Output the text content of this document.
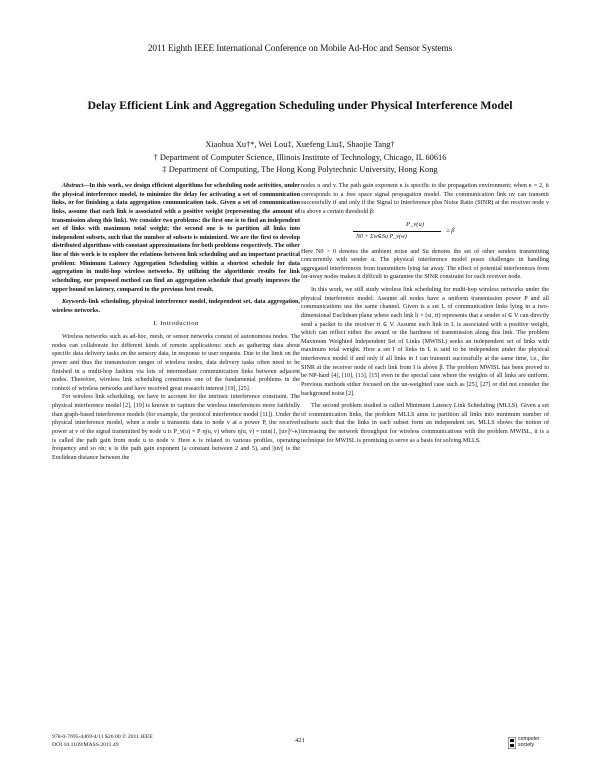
2011 Eighth IEEE International Conference on Mobile Ad-Hoc and Sensor Systems
Delay Efficient Link and Aggregation Scheduling under Physical Interference Model
Xiaohua Xu†*, Wei Lou‡, Xuefeng Liu‡, Shaojie Tang†
† Department of Computer Science, Illinois Institute of Technology, Chicago, IL 60616
‡ Department of Computing, The Hong Kong Polytechnic University, Hong Kong

Abstract—In this work, we design efficient algorithms for scheduling node activities, under the physical interference model, to minimize the delay for activating a set of communication links, or for finishing a data aggregation communication task. Given a set of communication links, assume that each link is associated with a positive weight (representing the amount of transmission along this link). We consider two problems: the first one is to find an independent set of links with maximum total weight; the second one is to partition all links into independent subsets, such that the number of subsets is minimized. We are the first to develop distributed algorithms with constant approximations for both problems respectively. The other line of this work is to explore the relations between link scheduling and an important practical problem: Minimum Latency Aggregation Scheduling within a shortest schedule for data aggregation in multi-hop wireless networks. By utilizing the algorithmic results for link scheduling, our proposed method can find an aggregation schedule that greatly improves the upper bound on latency, compared to the previous best result.

Keywords-link scheduling, physical interference model, independent set, data aggregation, wireless networks.

I. Introduction

Wireless networks such as ad-hoc, mesh, or sensor networks consist of autonomous nodes. The nodes can collaborate for different kinds of remote applications: such as gathering data about specific data delivery tasks on the sensory data, in response to user requests. Due to the limit on the power and thus the transmission ranges of wireless nodes, data delivery tasks often need to be finished in a multi-hop fashion via lots of intermediate communication links between adjacent nodes. Therefore, wireless link scheduling constitutes one of the fundamental problems in the context of wireless networks and have received great research interest [19], [25].

For wireless link scheduling, we have to account for the intrinsic interference constraint. The physical interference model [2], [19] is known to capture the wireless interferences more faithfully than graph-based interference models (for example, the protocol interference model [11]). Under the physical interference model, when a node u transmits data to node v at a power P, the received power at v of the signal transmitted by node u is P_v(u) = P·η(u, v) where η(u, v) = min(1, ||uv||^-κ) is called the path gain from node u to node v. Here κ is related to various profiles, operating frequency and so on; κ is the path gain exponent (a constant between 2 and 5), and ||uv|| is the Euclidean distance between the

nodes u and v. The path gain exponent κ is specific to the propagation environment; when κ = 2, it corresponds to a free space signal propagation model. The communication link uv can transmit successfully if and only if the Signal to Interference plus Noise Ratio (SINR) at the receiver node v is above a certain threshold β:

P_v(u)
N0 + Σw∈Su P_v(w)
≥ β

Here N0 > 0 denotes the ambient noise and Su denotes the set of other senders transmitting concurrently with sender u. The physical interference model poses challenges in handling aggregated interferences from transmitters lying far away. The effect of potential interferences from far-away nodes makes it difficult to guarantee the SINR constraint for each receiver node.

In this work, we still study wireless link scheduling for multi-hop wireless networks under the physical interference model. Assume all nodes have a uniform transmission power P and all communications use the same channel. Given is a set L of communication links lying in a two-dimensional Euclidean plane where each link li = (si, ri) represents that a sender si ∈ V can directly send a packet to the receiver ri ∈ V. Assume each link in L is associated with a positive weight, which can reflect either the award or the hardness of transmission along this link. The problem Maximum Weighted Independent Set of Links (MWISL) seeks an independent set of links with maximum total weight. Here a set I of links in L is said to be independent under the physical interference model if and only if all links in I can transmit successfully at the same time, i.e., the SINR at the receiver node of each link from I is above β. The problem MWISL has been proved to be NP-hard [4], [10], [13], [15] even in the special case where the weights of all links are uniform. Previous methods either focused on the un-weighted case such as [25], [27] or did not consider the background noise [2].

The second problem studied is called Minimum Latency Link Scheduling (MLLS). Given a set of communication links, the problem MLLS aims to partition all links into minimum number of subsets such that the links in each subset form an independent set. MLLS shows the notion of increasing the network throughput for wireless communications with the problem MWISL, it is a technique for MWISL is promising to serve as a basis for solving MLLS.

978-0-7695-4469-4/11 $26.00 © 2011 IEEE
DOI 10.1109/MASS.2011.49
421	computer
society
